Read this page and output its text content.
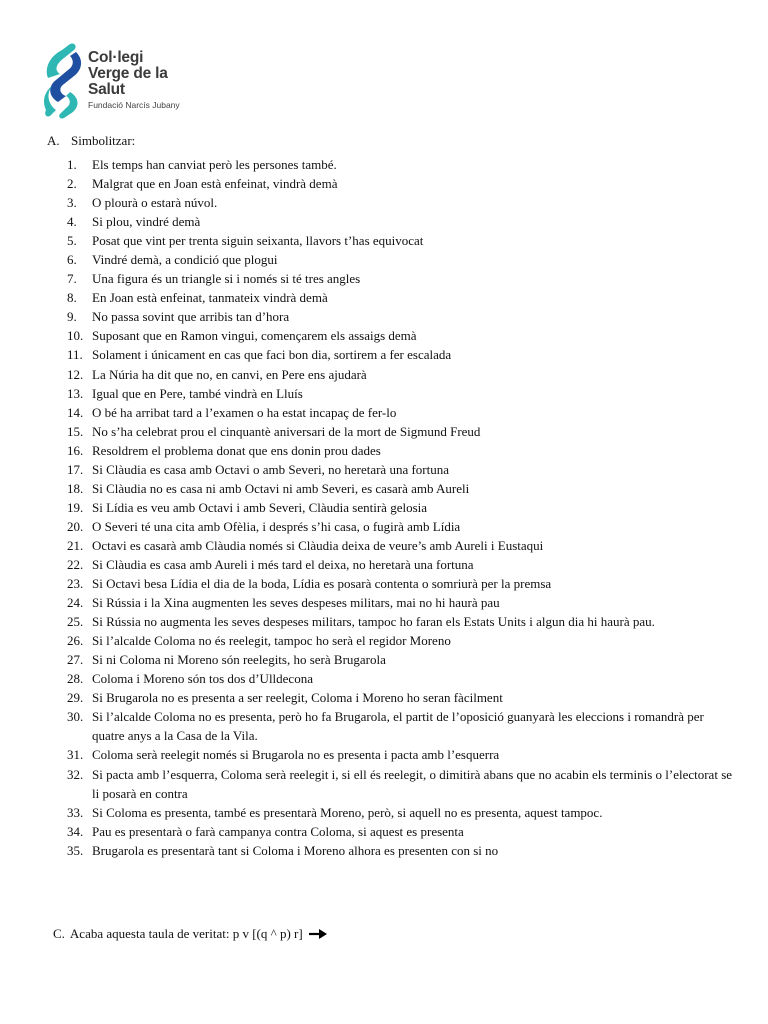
Col·legi
Verge de la
Salut
Fundació Narcís Jubany
A. Simbolitzar:
1.	Els temps han canviat però les persones també.
2.	Malgrat que en Joan està enfeinat, vindrà demà
3.	O plourà o estarà núvol.
4.	Si plou, vindré demà
5.	Posat que vint per trenta siguin seixanta, llavors t’has equivocat
6.	Vindré demà, a condició que plogui
7.	Una figura és un triangle si i només si té tres angles
8.	En Joan està enfeinat, tanmateix vindrà demà
9.	No passa sovint que arribis tan d’hora
10. Suposant que en Ramon vingui, començarem els assaigs demà
11. Solament i únicament en cas que faci bon dia, sortirem a fer escalada
12. La Núria ha dit que no, en canvi, en Pere ens ajudarà
13. Igual que en Pere, també vindrà en Lluís
14. O bé ha arribat tard a l’examen o ha estat incapaç de fer-lo
15. No s’ha celebrat prou el cinquantè aniversari de la mort de Sigmund Freud
16. Resoldrem el problema donat que ens donin prou dades
17. Si Clàudia es casa amb Octavi o amb Severi, no heretarà una fortuna
18. Si Clàudia no es casa ni amb Octavi ni amb Severi, es casarà amb Aureli
19. Si Lídia es veu amb Octavi i amb Severi, Clàudia sentirà gelosia
20. O Severi té una cita amb Ofèlia, i després s’hi casa, o fugirà amb Lídia
21. Octavi es casarà amb Clàudia només si Clàudia deixa de veure’s amb Aureli i Eustaqui
22. Si Clàudia es casa amb Aureli i més tard el deixa, no heretarà una fortuna
23. Si Octavi besa Lídia el dia de la boda, Lídia es posarà contenta o somriurà per la premsa
24. Si Rússia i la Xina augmenten les seves despeses militars, mai no hi haurà pau
25. Si Rússia no augmenta les seves despeses militars, tampoc ho faran els Estats Units i algun dia hi haurà pau.
26. Si l’alcalde Coloma no és reelegit, tampoc ho serà el regidor Moreno
27. Si ni Coloma ni Moreno són reelegits, ho serà Brugarola
28. Coloma i Moreno són tos dos d’Ulldecona
29. Si Brugarola no es presenta a ser reelegit, Coloma i Moreno ho seran fàcilment
30. Si l’alcalde Coloma no es presenta, però ho fa Brugarola, el partit de l’oposició guanyarà les eleccions i romandrà per quatre anys a la Casa de la Vila.
31. Coloma serà reelegit només si Brugarola no es presenta i pacta amb l’esquerra
32. Si pacta amb l’esquerra, Coloma serà reelegit i, si ell és reelegit, o dimitirà abans que no acabin els terminis o l’electorat se li posarà en contra
33. Si Coloma es presenta, també es presentarà Moreno, però, si aquell no es presenta, aquest tampoc.
34. Pau es presentarà o farà campanya contra Coloma, si aquest es presenta
35. Brugarola es presentarà tant si Coloma i Moreno alhora es presenten con si no
C. Acaba aquesta taula de veritat: p v [(q ^ p) r]
